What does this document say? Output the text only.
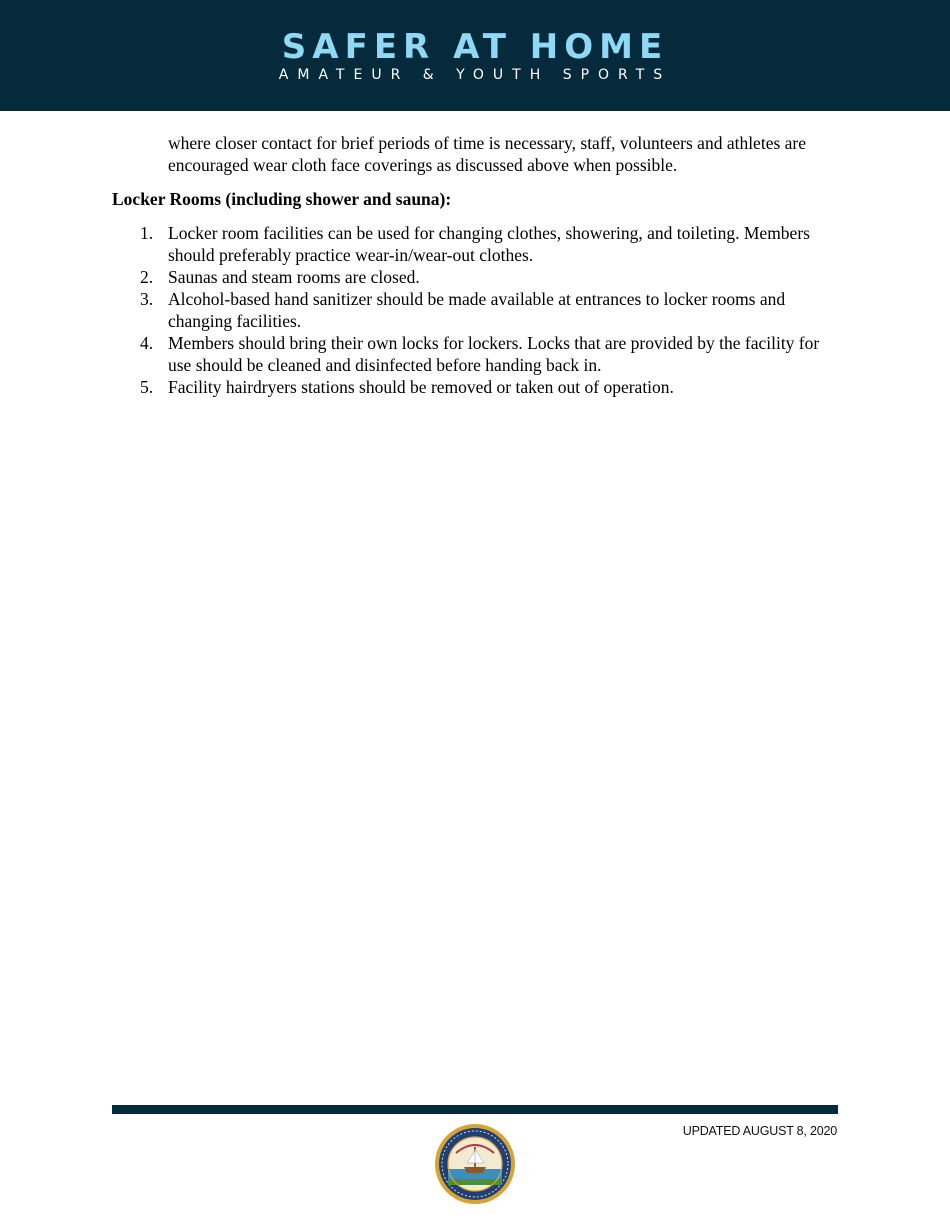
SAFER AT HOME
AMATEUR & YOUTH SPORTS

where closer contact for brief periods of time is necessary, staff, volunteers and athletes are encouraged wear cloth face coverings as discussed above when possible.

Locker Rooms (including shower and sauna):

1. Locker room facilities can be used for changing clothes, showering, and toileting. Members should preferably practice wear-in/wear-out clothes.
2. Saunas and steam rooms are closed.
3. Alcohol-based hand sanitizer should be made available at entrances to locker rooms and changing facilities.
4. Members should bring their own locks for lockers. Locks that are provided by the facility for use should be cleaned and disinfected before handing back in.
5. Facility hairdryers stations should be removed or taken out of operation.
UPDATED AUGUST 8, 2020
